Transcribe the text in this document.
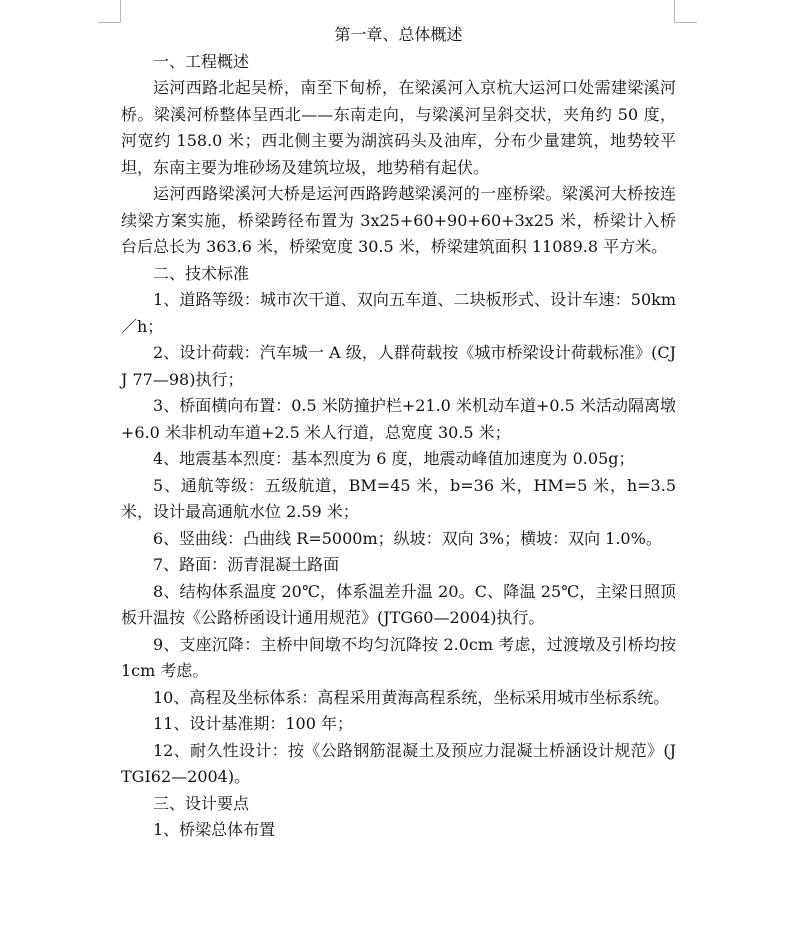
第一章、总体概述

一、工程概述

运河西路北起吴桥，南至下甸桥，在梁溪河入京杭大运河口处需建梁溪河桥。梁溪河桥整体呈西北——东南走向，与梁溪河呈斜交状，夹角约 50 度，河宽约 158.0 米；西北侧主要为湖滨码头及油库，分布少量建筑，地势较平坦，东南主要为堆砂场及建筑垃圾，地势稍有起伏。

运河西路梁溪河大桥是运河西路跨越梁溪河的一座桥梁。梁溪河大桥按连续梁方案实施，桥梁跨径布置为 3x25+60+90+60+3x25 米，桥梁计入桥台后总长为 363.6 米，桥梁宽度 30.5 米，桥梁建筑面积 11089.8 平方米。

二、技术标准

1、道路等级：城市次干道、双向五车道、二块板形式、设计车速：50km／h；

2、设计荷载：汽车城一 A 级，人群荷载按《城市桥梁设计荷载标准》(CJJ 77—98)执行；

3、桥面横向布置：0.5 米防撞护栏+21.0 米机动车道+0.5 米活动隔离墩+6.0 米非机动车道+2.5 米人行道，总宽度 30.5 米；

4、地震基本烈度：基本烈度为 6 度，地震动峰值加速度为 0.05g；

5、通航等级：五级航道，BM=45 米，b=36 米，HM=5 米，h=3.5 米，设计最高通航水位 2.59 米；

6、竖曲线：凸曲线 R=5000m；纵坡：双向 3%；横坡：双向 1.0%。

7、路面：沥青混凝土路面

8、结构体系温度 20℃，体系温差升温 20。C、降温 25℃，主梁日照顶板升温按《公路桥函设计通用规范》(JTG60—2004)执行。

9、支座沉降：主桥中间墩不均匀沉降按 2.0cm 考虑，过渡墩及引桥均按 1cm 考虑。

10、高程及坐标体系：高程采用黄海高程系统，坐标采用城市坐标系统。

11、设计基准期：100 年；

12、耐久性设计：按《公路钢筋混凝土及预应力混凝土桥涵设计规范》(JTGI62—2004)。

三、设计要点

1、桥梁总体布置
